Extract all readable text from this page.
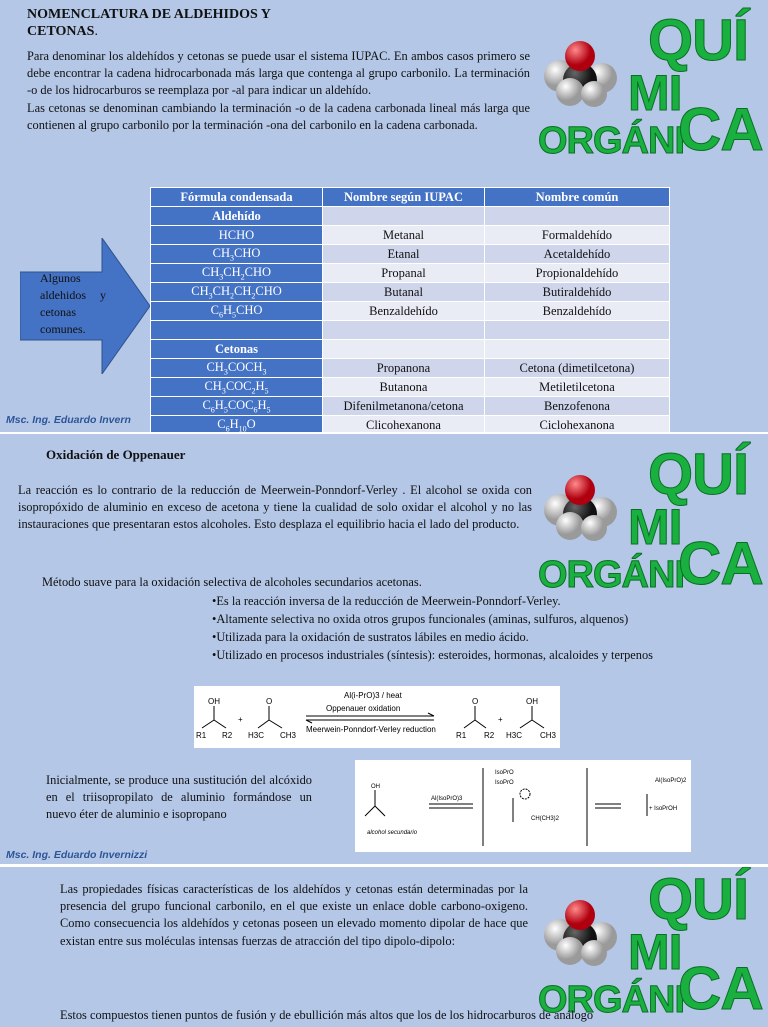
NOMENCLATURA DE ALDEHIDOS Y
CETONAS.

Para denominar los aldehídos y cetonas se puede usar el sistema IUPAC. En ambos casos primero se debe encontrar la cadena hidrocarbonada más larga que contenga al grupo carbonilo. La terminación -o de los hidrocarburos se reemplaza por -al para indicar un aldehído.

Las cetonas se denominan cambiando la terminación -o de la cadena carbonada lineal más larga que contienen al grupo carbonilo por la terminación -ona del carbonilo en la cadena carbonada.

QUÍ
MI
ORGÁNI
CA
Algunos aldehidos y cetonas comunes.
Fórmula condensada	Nombre según IUPAC	Nombre común
Aldehído		
HCHO	Metanal	Formaldehído
$CH_3CHO$	Etanal	Acetaldehído
$CH_3CH_2CHO$	Propanal	Propionaldehído
$CH_3CH_2CH_2CHO$	Butanal	Butiraldehído
$C_6H_5CHO$	Benzaldehído	Benzaldehído

Cetonas		
$CH_3COCH_3$	Propanona	Cetona (dimetilcetona)
$CH_3COC_2H_5$	Butanona	Metiletilcetona
$C_6H_5COC_6H_5$	Difenilmetanona/cetona	Benzofenona
$C_6H_{10}O$	Clicohexanona	Ciclohexanona
Msc. Ing. Eduardo Invern
Oxidación de Oppenauer
La reacción es lo contrario de la reducción de Meerwein-Ponndorf-Verley . El alcohol se oxida con isopropóxido de aluminio en exceso de acetona y tiene la cualidad de solo oxidar el alcohol y no las instauraciones que presentaran estos alcoholes. Esto desplaza el equilibrio hacia el lado del producto.
QUÍ
MI
ORGÁNI
CA
Método suave para la oxidación selectiva de alcoholes secundarios acetonas.
•Es la reacción inversa de la reducción de Meerwein-Ponndorf-Verley.
•Altamente selectiva no oxida otros grupos funcionales (aminas, sulfuros, alquenos)
•Utilizada para la oxidación de sustratos lábiles en medio ácido.
•Utilizado en procesos industriales (síntesis): esteroides, hormonas, alcaloides y terpenos
OH
R1 R2
+
O
H3C CH3
Al(i-PrO)3 / heat
Oppenauer oxidation
Meerwein-Ponndorf-Verley reduction
O
R1 R2
+
OH
H3C CH3
Inicialmente, se produce una sustitución del alcóxido en el triisopropilato de aluminio formándose un nuevo éter de aluminio e isopropano
OH
alcohol secundario
Al(IsoPrO)3
IsoPrO
IsoPrO
CH(CH3)2
Al(IsoPrO)2
+ IsoPrOH
Msc. Ing. Eduardo Invernizzi
Las propiedades físicas características de los aldehídos y cetonas están determinadas por la presencia del grupo funcional carbonilo, en el que existe un enlace doble carbono-oxigeno. Como consecuencia los aldehídos y cetonas poseen un elevado momento dipolar de hace que existan entre sus moléculas intensas fuerzas de atracción del tipo dipolo-dipolo:
QUÍ
MI
ORGÁNI
CA
Estos compuestos tienen puntos de fusión y de ebullición más altos que los de los hidrocarburos de análogo
